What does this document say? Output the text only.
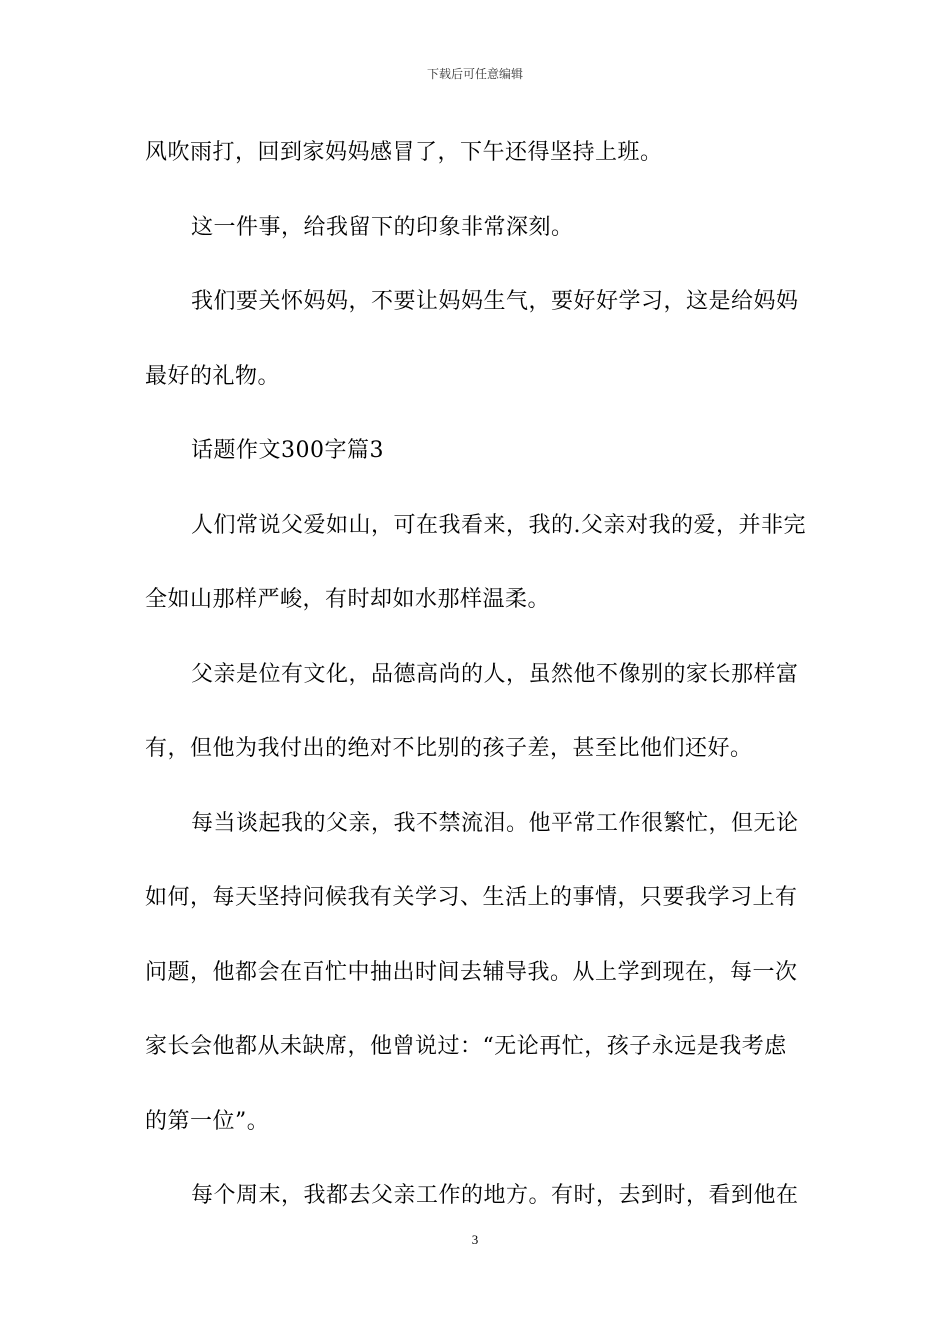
下载后可任意编辑
风吹雨打，回到家妈妈感冒了，下午还得坚持上班。
这一件事，给我留下的印象非常深刻。
我们要关怀妈妈，不要让妈妈生气，要好好学习，这是给妈妈
最好的礼物。
话题作文300字篇3
人们常说父爱如山，可在我看来，我的.父亲对我的爱，并非完
全如山那样严峻，有时却如水那样温柔。
父亲是位有文化，品德高尚的人，虽然他不像别的家长那样富
有，但他为我付出的绝对不比别的孩子差，甚至比他们还好。
每当谈起我的父亲，我不禁流泪。他平常工作很繁忙，但无论
如何，每天坚持问候我有关学习、生活上的事情，只要我学习上有
问题，他都会在百忙中抽出时间去辅导我。从上学到现在，每一次
家长会他都从未缺席，他曾说过：“无论再忙，孩子永远是我考虑
的第一位”。
每个周末，我都去父亲工作的地方。有时，去到时，看到他在
3
